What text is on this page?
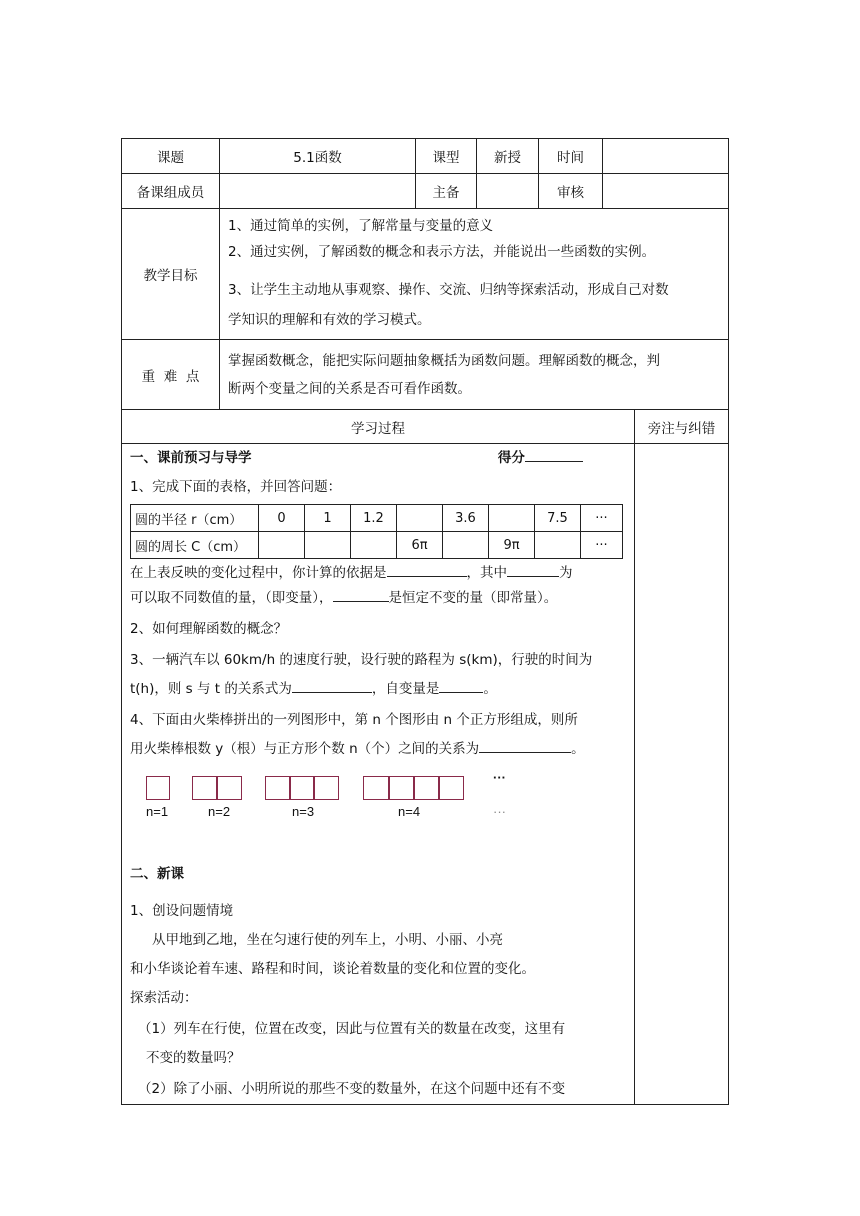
课题	5.1函数	课型	新授	时间	
备课组成员		主备		审核	
教学目标	
1、通过简单的实例，了解常量与变量的意义
2、通过实例，了解函数的概念和表示方法，并能说出一些函数的实例。
3、让学生主动地从事观察、操作、交流、归纳等探索活动，形成自己对数
学知识的理解和有效的学习模式。

重  难  点	
掌握函数概念，能把实际问题抽象概括为函数问题。理解函数的概念，判
断两个变量之间的关系是否可看作函数。

学习过程	旁注与纠错

一、课前预习与导学	得分
1、完成下面的表格，并回答问题：
圆的半径 r（cm）	0	1	1.2		3.6		7.5	···
圆的周长 C（cm）				6π		9π		···
在上表反映的变化过程中，你计算的依据是	，其中	为
可以取不同数值的量，（即变量），	是恒定不变的量（即常量）。
2、如何理解函数的概念？
3、一辆汽车以 60km/h 的速度行驶，设行驶的路程为 s(km)，行驶的时间为
t(h)，则 s 与 t 的关系式为	，自变量是	。
4、下面由火柴棒拼出的一列图形中，第 n 个图形由 n 个正方形组成，则所
用火柴棒根数 y（根）与正方形个数 n（个）之间的关系为	。
n=1	n=2	n=3	n=4
···
···
二、新课
1、创设问题情境
从甲地到乙地，坐在匀速行使的列车上，小明、小丽、小亮
和小华谈论着车速、路程和时间，谈论着数量的变化和位置的变化。
探索活动：
（1）列车在行使，位置在改变，因此与位置有关的数量在改变，这里有
不变的数量吗？
（2）除了小丽、小明所说的那些不变的数量外，在这个问题中还有不变
